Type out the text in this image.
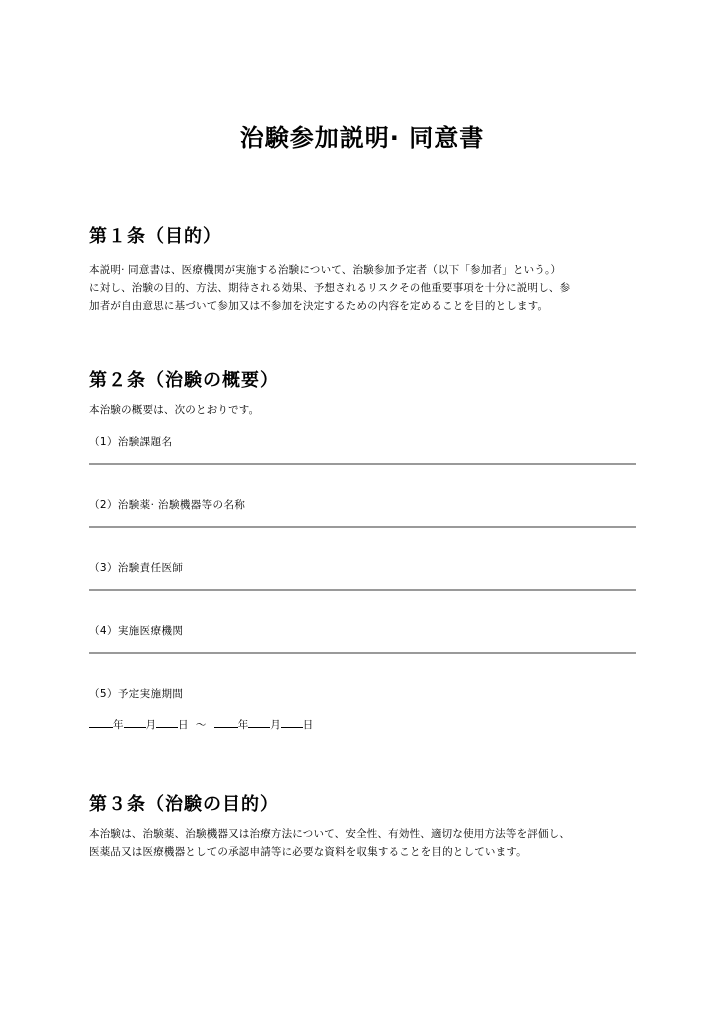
治験参加説明· 同意書
第１条（目的）
本説明· 同意書は、医療機関が実施する治験について、治験参加予定者（以下「参加者」という。）
に対し、治験の目的、方法、期待される効果、予想されるリスクその他重要事項を十分に説明し、参
加者が自由意思に基づいて参加又は不参加を決定するための内容を定めることを目的とします。
第２条（治験の概要）
本治験の概要は、次のとおりです。
（1）治験課題名
（2）治験薬· 治験機器等の名称
（3）治験責任医師
（4）実施医療機関
（5）予定実施期間
年 月 日 ～	年 月 日
第３条（治験の目的）
本治験は、治験薬、治験機器又は治療方法について、安全性、有効性、適切な使用方法等を評価し、
医薬品又は医療機器としての承認申請等に必要な資料を収集することを目的としています。
